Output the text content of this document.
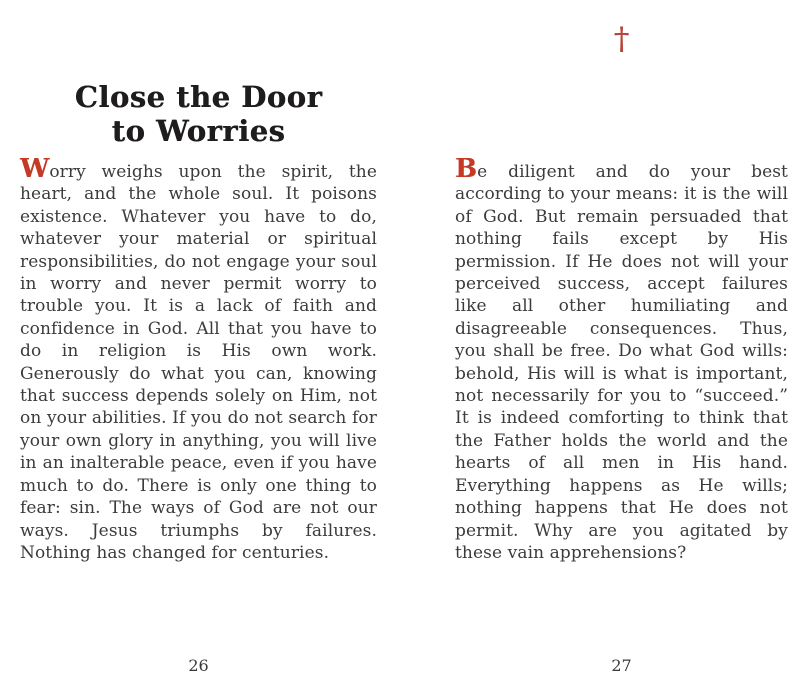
†
Close the Door
to Worries
Worry weighs upon the spirit, the heart, and the whole soul. It poisons existence. Whatever you have to do, whatever your material or spiritual responsibilities, do not engage your soul in worry and never permit worry to trouble you. It is a lack of faith and confidence in God. All that you have to do in religion is His own work. Generously do what you can, knowing that success depends solely on Him, not on your abilities. If you do not search for your own glory in anything, you will live in an inalterable peace, even if you have much to do. There is only one thing to fear: sin. The ways of God are not our ways. Jesus triumphs by failures. Nothing has changed for centuries.
Be diligent and do your best according to your means: it is the will of God. But remain persuaded that nothing fails except by His permission. If He does not will your perceived success, accept failures like all other humiliating and disagreeable consequences. Thus, you shall be free. Do what God wills: behold, His will is what is important, not necessarily for you to “succeed.” It is indeed comforting to think that the Father holds the world and the hearts of all men in His hand. Everything happens as He wills; nothing happens that He does not permit. Why are you agitated by these vain apprehensions?
26	27
